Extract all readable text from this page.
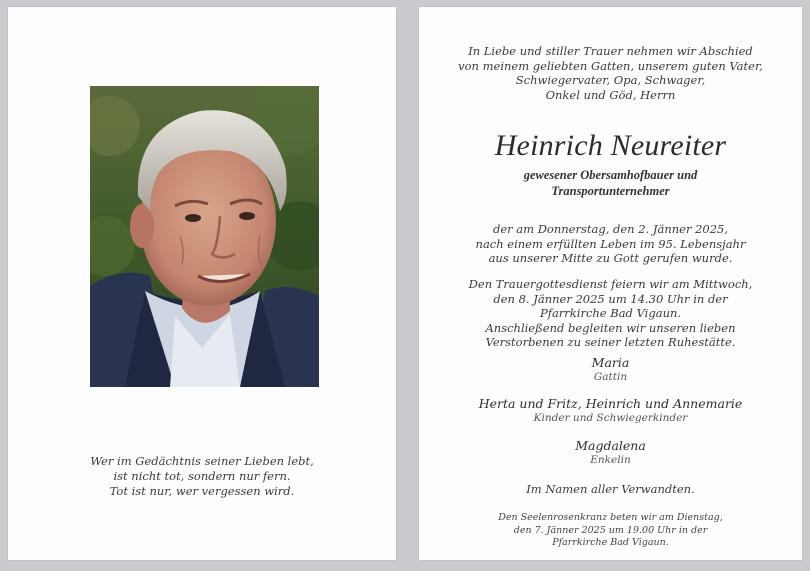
Wer im Gedächtnis seiner Lieben lebt,
ist nicht tot, sondern nur fern.
Tot ist nur, wer vergessen wird.
In Liebe und stiller Trauer nehmen wir Abschied
von meinem geliebten Gatten, unserem guten Vater,
Schwiegervater, Opa, Schwager,
Onkel und Göd, Herrn
Heinrich Neureiter
gewesener Obersamhofbauer und
Transportunternehmer
der am Donnerstag, den 2. Jänner 2025,
nach einem erfüllten Leben im 95. Lebensjahr
aus unserer Mitte zu Gott gerufen wurde.
Den Trauergottesdienst feiern wir am Mittwoch,
den 8. Jänner 2025 um 14.30 Uhr in der
Pfarrkirche Bad Vigaun.
Anschließend begleiten wir unseren lieben
Verstorbenen zu seiner letzten Ruhestätte.
Maria
Gattin
Herta und Fritz, Heinrich und Annemarie
Kinder und Schwiegerkinder
Magdalena
Enkelin
Im Namen aller Verwandten.
Den Seelenrosenkranz beten wir am Dienstag,
den 7. Jänner 2025 um 19.00 Uhr in der
Pfarrkirche Bad Vigaun.
